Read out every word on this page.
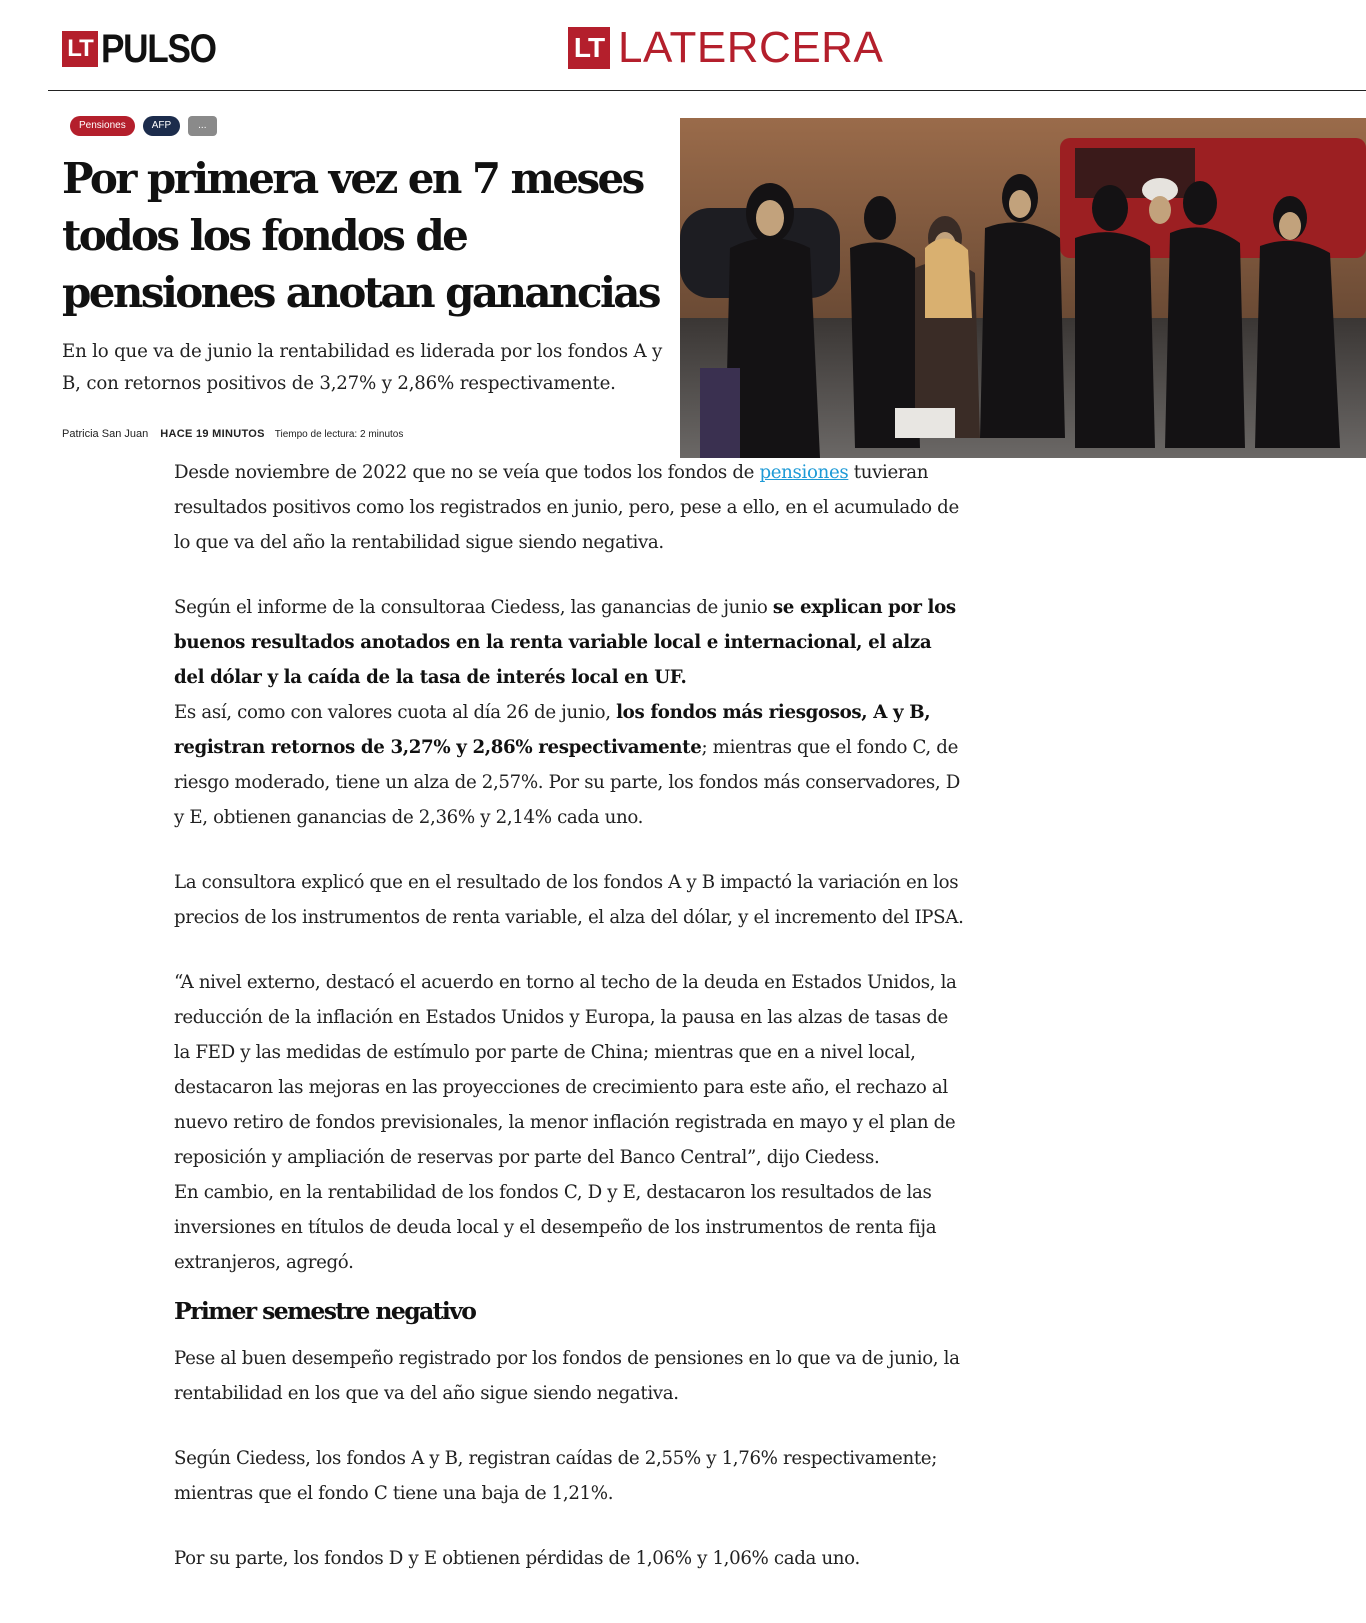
LT PULSO	LT LATERCERA
Pensiones	AFP	...
Por primera vez en 7 meses todos los fondos de pensiones anotan ganancias

En lo que va de junio la rentabilidad es liderada por los fondos A y B, con retornos positivos de 3,27% y 2,86% respectivamente.

Patricia San Juan HACE 19 MINUTOS Tiempo de lectura: 2 minutos

Desde noviembre de 2022 que no se veía que todos los fondos de pensiones tuvieran resultados positivos como los registrados en junio, pero, pese a ello, en el acumulado de lo que va del año la rentabilidad sigue siendo negativa.

Según el informe de la consultoraa Ciedess, las ganancias de junio se explican por los buenos resultados anotados en la renta variable local e internacional, el alza del dólar y la caída de la tasa de interés local en UF.

Es así, como con valores cuota al día 26 de junio, los fondos más riesgosos, A y B, registran retornos de 3,27% y 2,86% respectivamente; mientras que el fondo C, de riesgo moderado, tiene un alza de 2,57%. Por su parte, los fondos más conservadores, D y E, obtienen ganancias de 2,36% y 2,14% cada uno.

La consultora explicó que en el resultado de los fondos A y B impactó la variación en los precios de los instrumentos de renta variable, el alza del dólar, y el incremento del IPSA.

“A nivel externo, destacó el acuerdo en torno al techo de la deuda en Estados Unidos, la reducción de la inflación en Estados Unidos y Europa, la pausa en las alzas de tasas de la FED y las medidas de estímulo por parte de China; mientras que en a nivel local, destacaron las mejoras en las proyecciones de crecimiento para este año, el rechazo al nuevo retiro de fondos previsionales, la menor inflación registrada en mayo y el plan de reposición y ampliación de reservas por parte del Banco Central”, dijo Ciedess.

En cambio, en la rentabilidad de los fondos C, D y E, destacaron los resultados de las inversiones en títulos de deuda local y el desempeño de los instrumentos de renta fija extranjeros, agregó.

Primer semestre negativo

Pese al buen desempeño registrado por los fondos de pensiones en lo que va de junio, la rentabilidad en los que va del año sigue siendo negativa.

Según Ciedess, los fondos A y B, registran caídas de 2,55% y 1,76% respectivamente; mientras que el fondo C tiene una baja de 1,21%.

Por su parte, los fondos D y E obtienen pérdidas de 1,06% y 1,06% cada uno.
